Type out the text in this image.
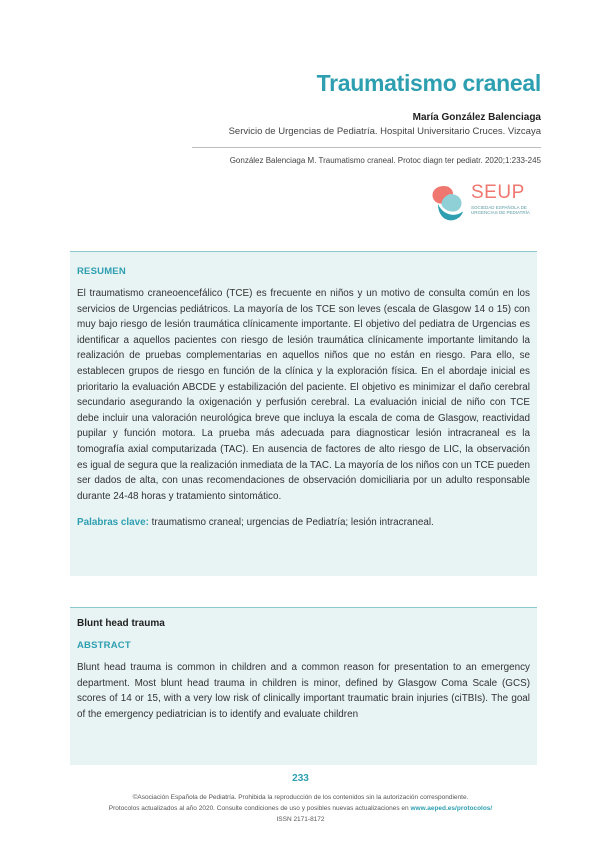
Traumatismo craneal
María González Balenciaga
Servicio de Urgencias de Pediatría. Hospital Universitario Cruces. Vizcaya
González Balenciaga M. Traumatismo craneal. Protoc diagn ter pediatr. 2020;1:233-245
SEUP
SOCIEDAD ESPAÑOLA DE URGENCIAS DE PEDIATRÍA
RESUMEN

El traumatismo craneoencefálico (TCE) es frecuente en niños y un motivo de consulta común en los servicios de Urgencias pediátricos. La mayoría de los TCE son leves (escala de Glasgow 14 o 15) con muy bajo riesgo de lesión traumática clínicamente importante. El objetivo del pediatra de Urgencias es identificar a aquellos pacientes con riesgo de lesión traumática clínicamente importante limitando la realización de pruebas complementarias en aquellos niños que no están en riesgo. Para ello, se establecen grupos de riesgo en función de la clínica y la exploración física. En el abordaje inicial es prioritario la evaluación ABCDE y estabilización del paciente. El objetivo es minimizar el daño cerebral secundario asegurando la oxigenación y perfusión cerebral. La evaluación inicial de niño con TCE debe incluir una valoración neurológica breve que incluya la escala de coma de Glasgow, reactividad pupilar y función motora. La prueba más adecuada para diagnosticar lesión intracraneal es la tomografía axial computarizada (TAC). En ausencia de factores de alto riesgo de LIC, la observación es igual de segura que la realización inmediata de la TAC. La mayoría de los niños con un TCE pueden ser dados de alta, con unas recomendaciones de observación domiciliaria por un adulto responsable durante 24-48 horas y tratamiento sintomático.

Palabras clave: traumatismo craneal; urgencias de Pediatría; lesión intracraneal.

Blunt head trauma
ABSTRACT

Blunt head trauma is common in children and a common reason for presentation to an emergency department. Most blunt head trauma in children is minor, defined by Glasgow Coma Scale (GCS) scores of 14 or 15, with a very low risk of clinically important traumatic brain injuries (ciTBIs). The goal of the emergency pediatrician is to identify and evaluate children

233
©Asociación Española de Pediatría. Prohibida la reproducción de los contenidos sin la autorización correspondiente.
Protocolos actualizados al año 2020. Consulte condiciones de uso y posibles nuevas actualizaciones en www.aeped.es/protocolos/
ISSN 2171-8172
